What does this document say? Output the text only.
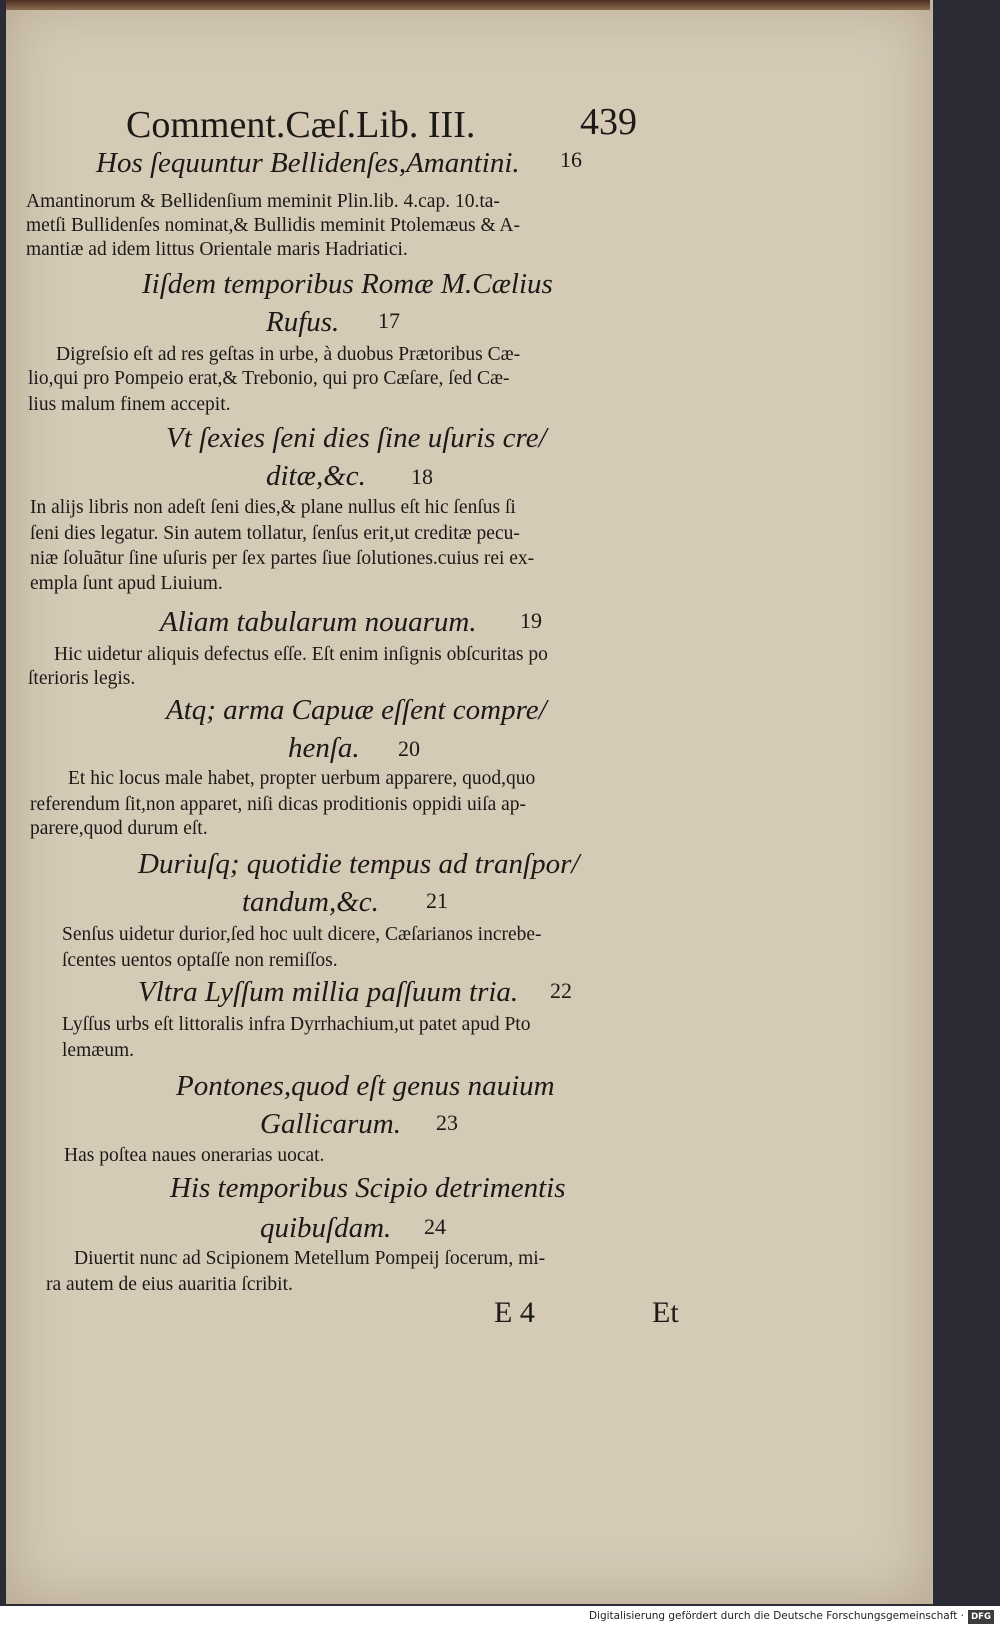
Comment.Cæſ.Lib. III.	439
Hos ſequuntur Bellidenſes,Amantini. 16
Amantinorum & Bellidenſium meminit Plin.lib. 4.cap. 10.ta-
metſi Bullidenſes nominat,& Bullidis meminit Ptolemæus & A-
mantiæ ad idem littus Orientale maris Hadriatici.
Iiſdem temporibus Romæ M.Cælius
Rufus. 17
Digreſsio eſt ad res geſtas in urbe, à duobus Prætoribus Cæ-
lio,qui pro Pompeio erat,& Trebonio, qui pro Cæſare, ſed Cæ-
lius malum finem accepit.
Vt ſexies ſeni dies ſine uſuris cre/
ditæ,&c. 18
In alijs libris non adeſt ſeni dies,& plane nullus eſt hic ſenſus ſi
ſeni dies legatur. Sin autem tollatur, ſenſus erit,ut creditæ pecu-
niæ ſoluãtur ſine uſuris per ſex partes ſiue ſolutiones.cuius rei ex-
empla ſunt apud Liuium.
Aliam tabularum nouarum. 19
Hic uidetur aliquis defectus eſſe. Eſt enim inſignis obſcuritas po
ſterioris legis.
Atq; arma Capuæ eſſent compre/
henſa. 20
Et hic locus male habet, propter uerbum apparere, quod,quo
referendum ſit,non apparet, niſi dicas proditionis oppidi uiſa ap-
parere,quod durum eſt.
Duriuſq; quotidie tempus ad tranſpor/
tandum,&c. 21
Senſus uidetur durior,ſed hoc uult dicere, Cæſarianos increbe-
ſcentes uentos optaſſe non remiſſos.
Vltra Lyſſum millia paſſuum tria. 22
Lyſſus urbs eſt littoralis infra Dyrrhachium,ut patet apud Pto
lemæum.
Pontones,quod eſt genus nauium
Gallicarum. 23
Has poſtea naues onerarias uocat.
His temporibus Scipio detrimentis
quibuſdam. 24
Diuertit nunc ad Scipionem Metellum Pompeij ſocerum, mi-
ra autem de eius auaritia ſcribit.
E 4	Et
Digitalisierung gefördert durch die Deutsche Forschungsgemeinschaft · DFG
